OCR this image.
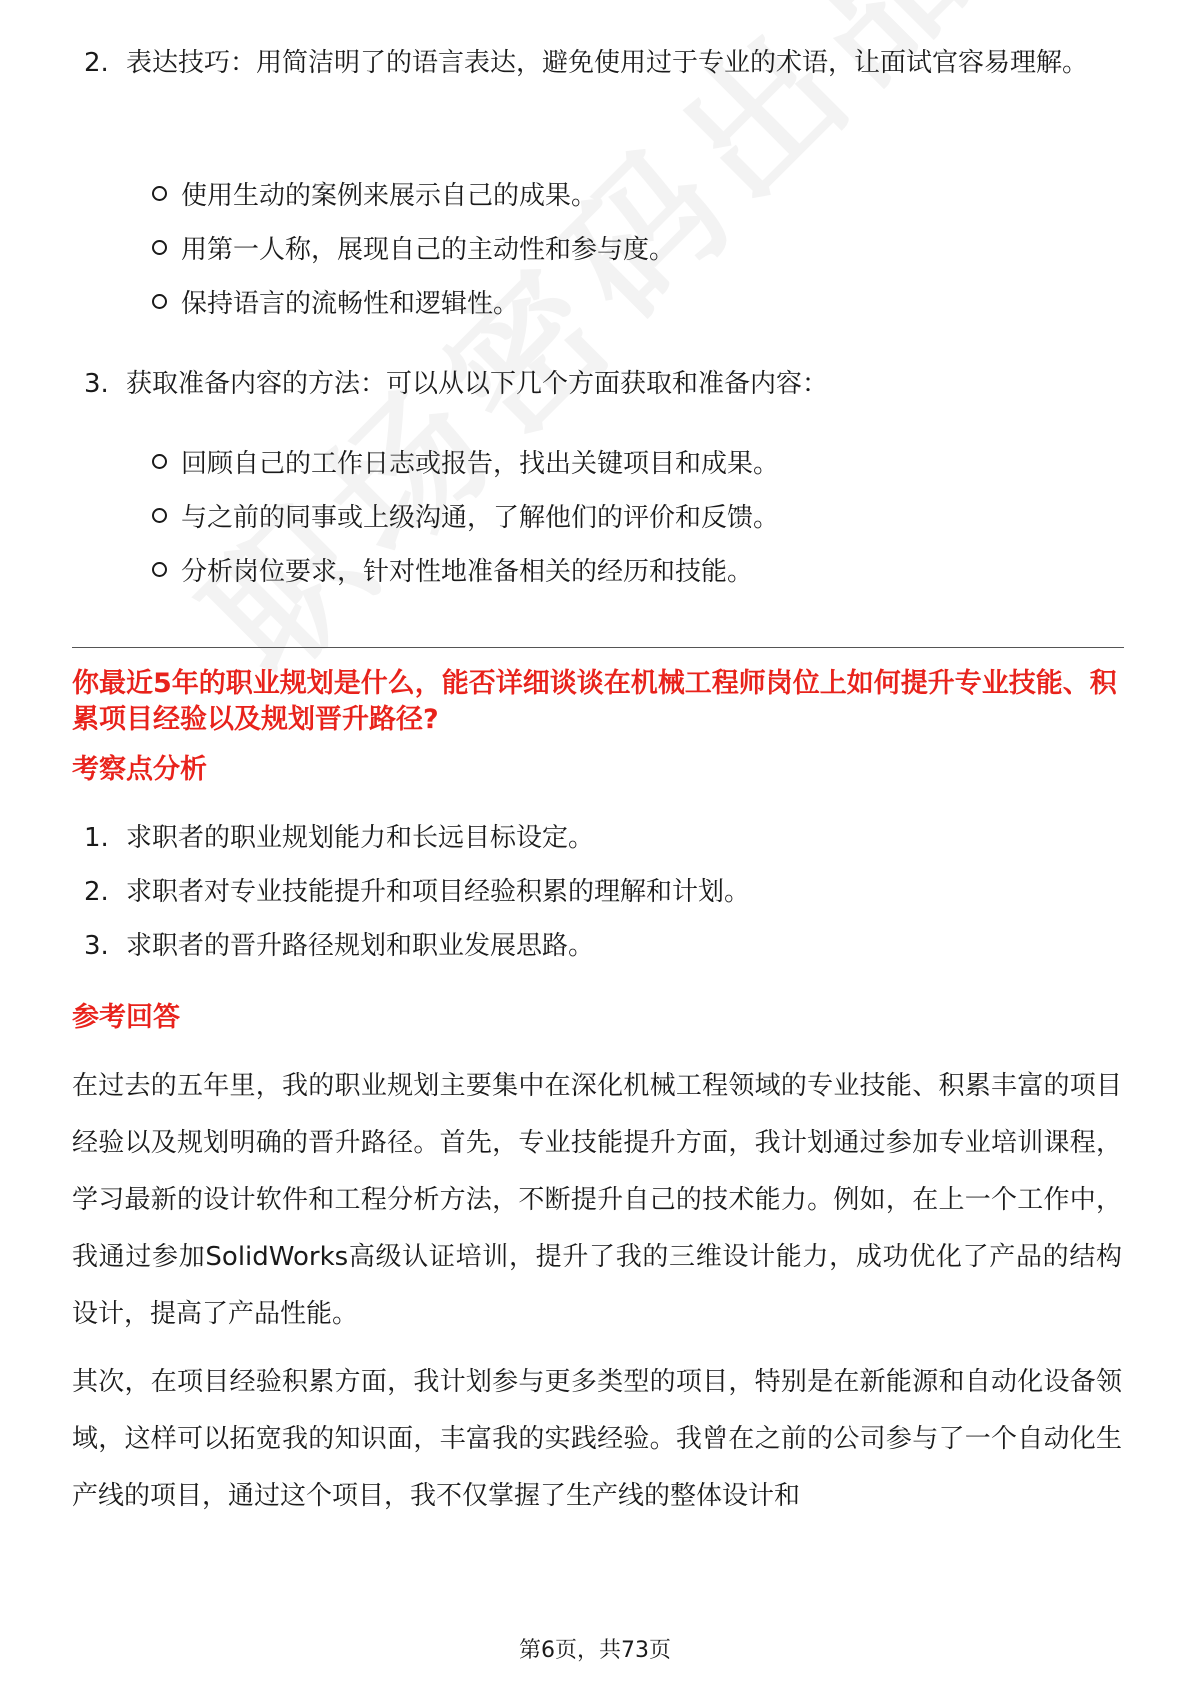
2. 表达技巧：用简洁明了的语言表达，避免使用过于专业的术语，让面试官容易理解。
使用生动的案例来展示自己的成果。
用第一人称，展现自己的主动性和参与度。
保持语言的流畅性和逻辑性。
3. 获取准备内容的方法：可以从以下几个方面获取和准备内容：
回顾自己的工作日志或报告，找出关键项目和成果。
与之前的同事或上级沟通，了解他们的评价和反馈。
分析岗位要求，针对性地准备相关的经历和技能。
你最近5年的职业规划是什么，能否详细谈谈在机械工程师岗位上如何提升专业技能、积累项目经验以及规划晋升路径?
考察点分析
1. 求职者的职业规划能力和长远目标设定。
2. 求职者对专业技能提升和项目经验积累的理解和计划。
3. 求职者的晋升路径规划和职业发展思路。
参考回答
在过去的五年里，我的职业规划主要集中在深化机械工程领域的专业技能、积累丰富的项目经验以及规划明确的晋升路径。首先，专业技能提升方面，我计划通过参加专业培训课程，学习最新的设计软件和工程分析方法，不断提升自己的技术能力。例如，在上一个工作中，我通过参加SolidWorks高级认证培训，提升了我的三维设计能力，成功优化了产品的结构设计，提高了产品性能。
其次，在项目经验积累方面，我计划参与更多类型的项目，特别是在新能源和自动化设备领域，这样可以拓宽我的知识面，丰富我的实践经验。我曾在之前的公司参与了一个自动化生产线的项目，通过这个项目，我不仅掌握了生产线的整体设计和
第6页，共73页
